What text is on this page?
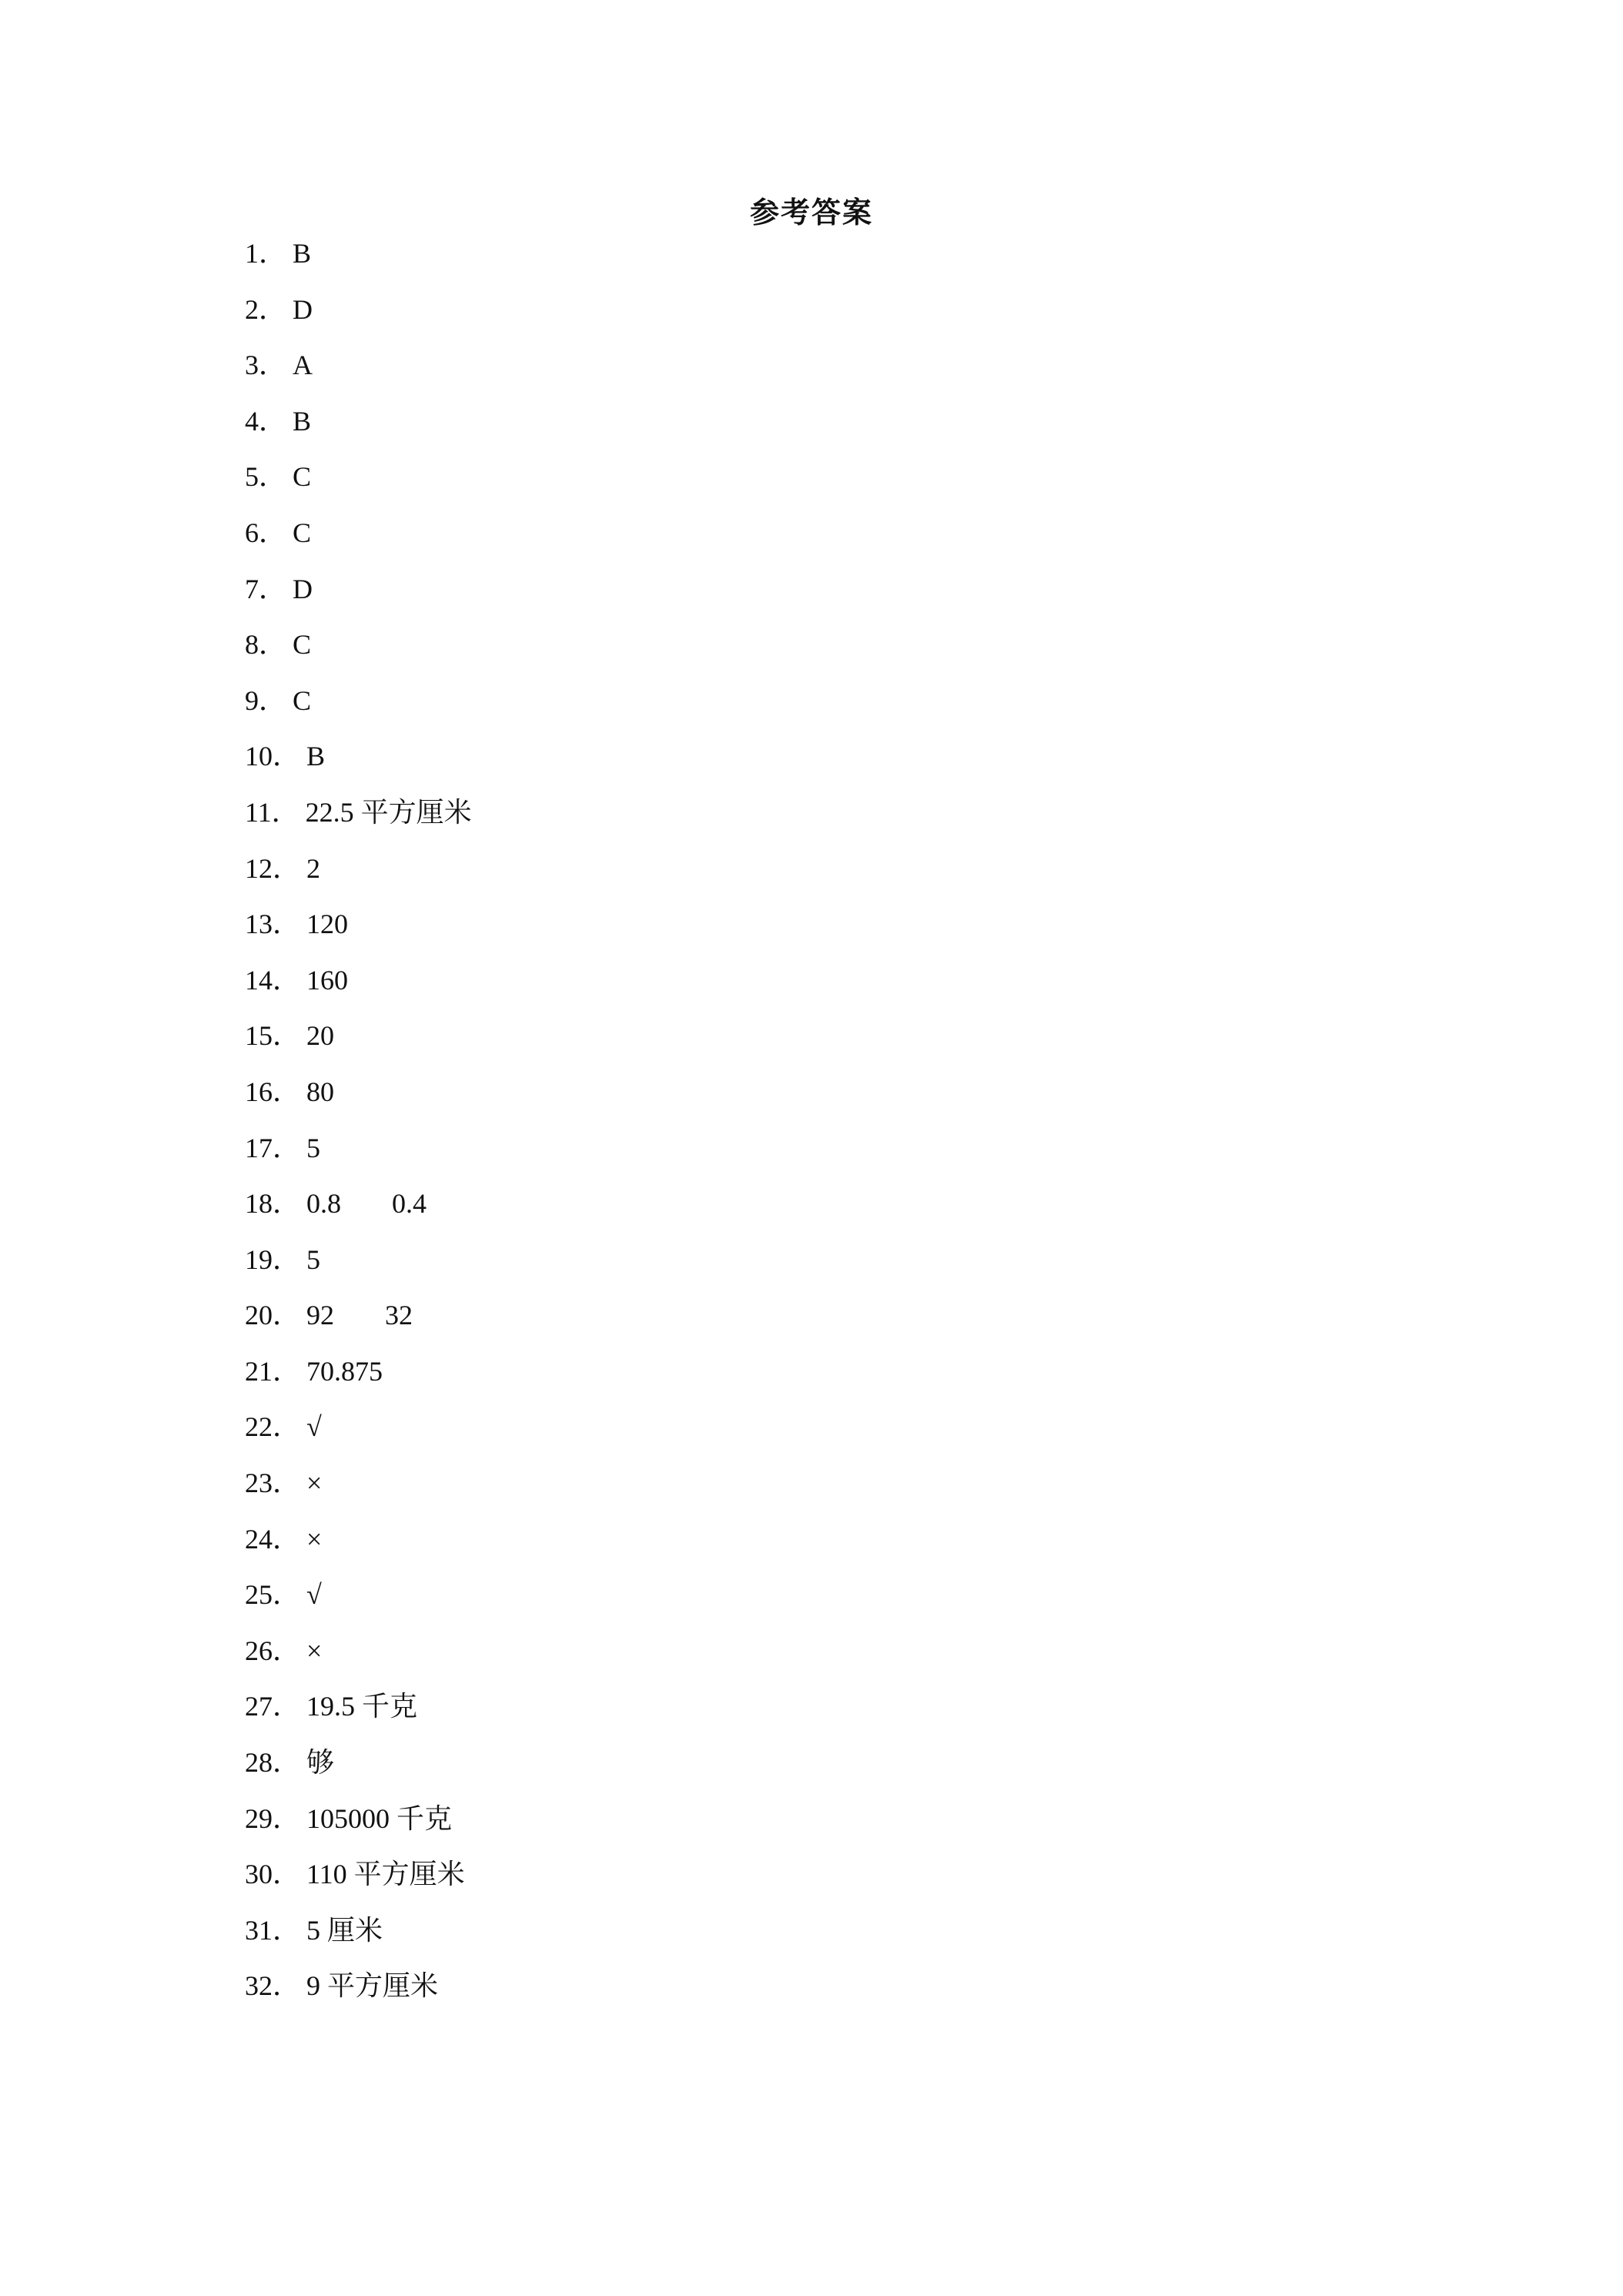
参考答案
1． B
2． D
3． A
4． B
5． C
6． C
7． D
8． C
9． C
10． B
11． 22.5 平方厘米
12． 2
13． 120
14． 160
15． 20
16． 80
17． 5
18． 0.8 0.4
19． 5
20． 92 32
21． 70.875
22． √
23． ×
24． ×
25． √
26． ×
27． 19.5 千克
28． 够
29． 105000 千克
30． 110 平方厘米
31． 5 厘米
32． 9 平方厘米
